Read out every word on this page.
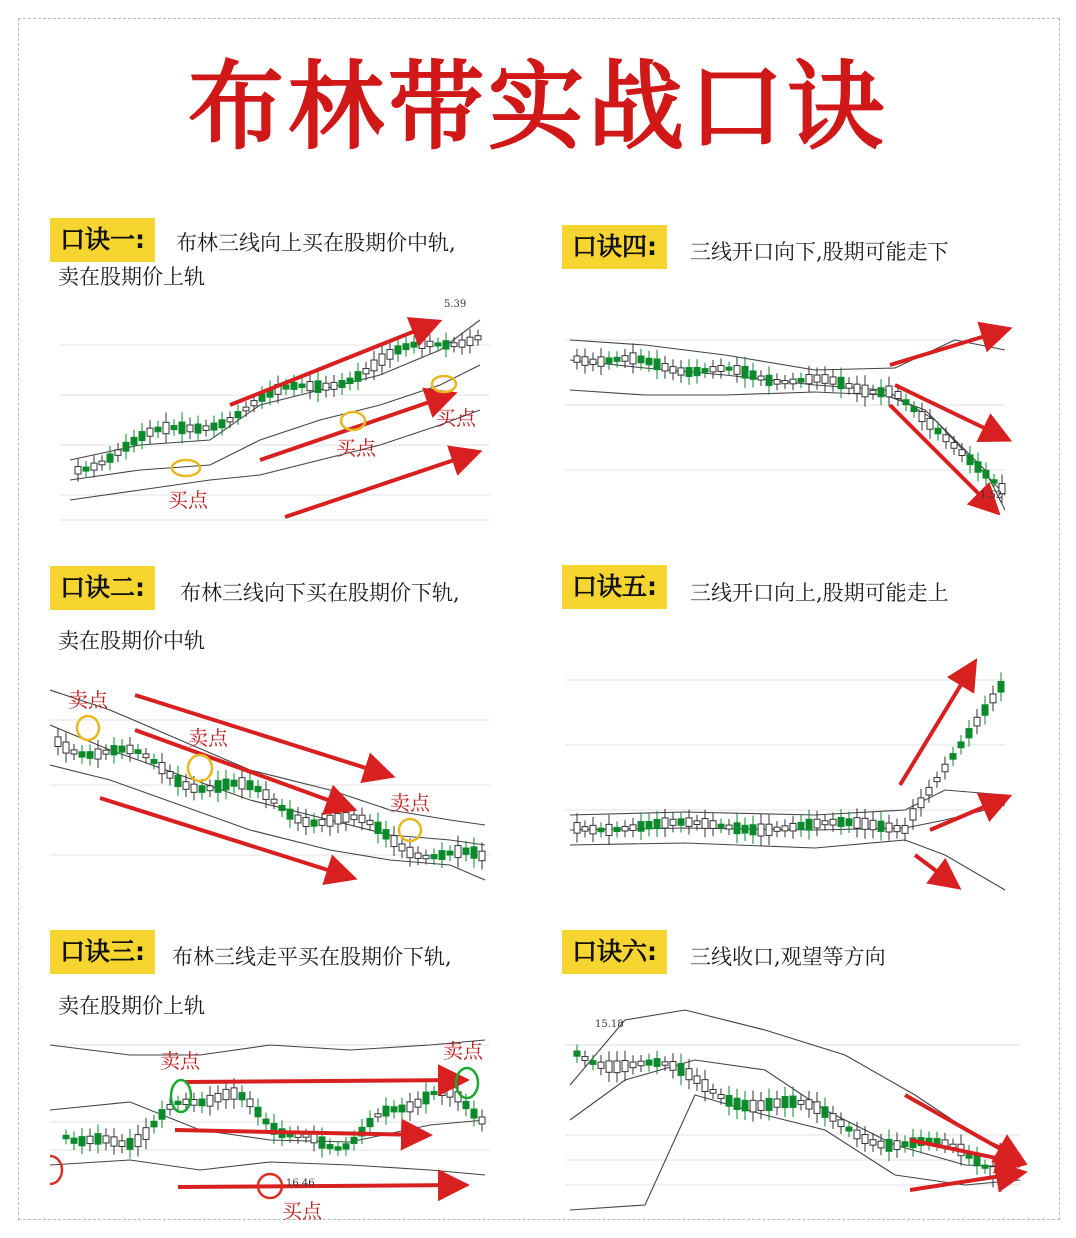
布林带实战口诀
口诀一:	布林三线向上买在股期价中轨,
卖在股期价上轨
买点
买点
买点
5.39
口诀二:	布林三线向下买在股期价下轨,
卖在股期价中轨
卖点
卖点
卖点
口诀三:	布林三线走平买在股期价下轨,
卖在股期价上轨
卖点	卖点
买点
16.46
口诀四:	三线开口向下,股期可能走下
1.52
口诀五:	三线开口向上,股期可能走上
口诀六:	三线收口,观望等方向
15.18
